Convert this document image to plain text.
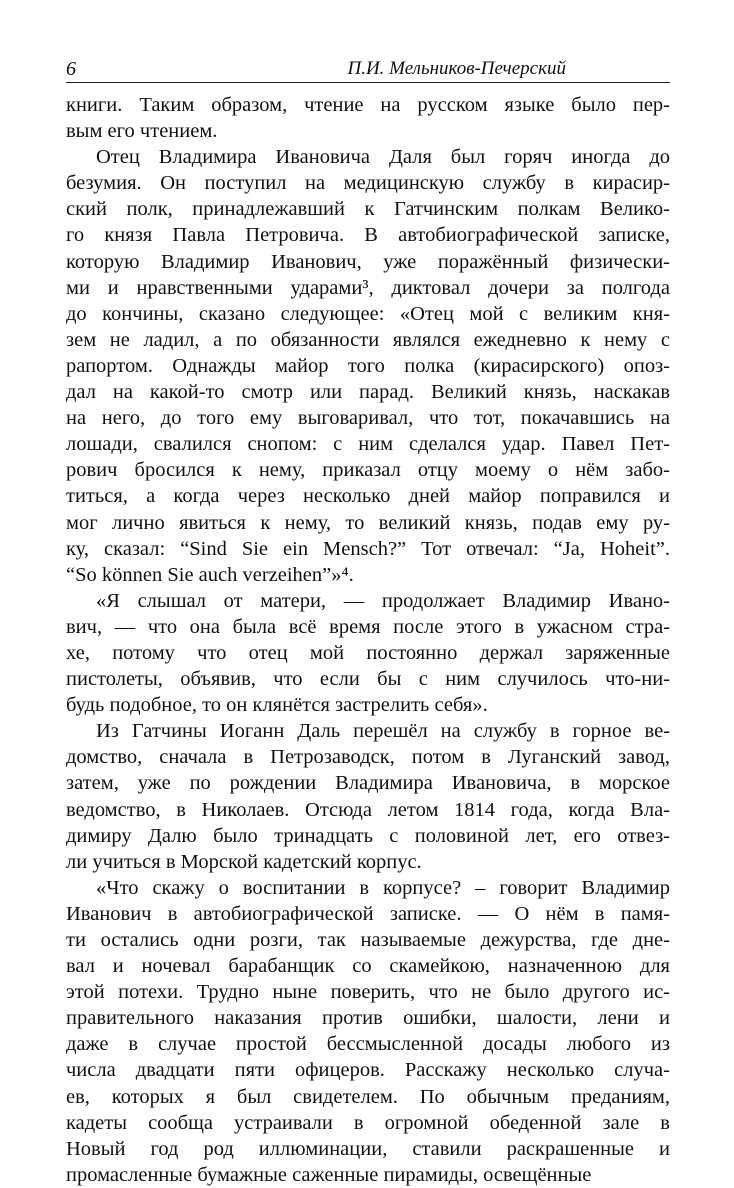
6	П.И. Мельников-Печерский
книги. Таким образом, чтение на русском языке было пер-
вым его чтением.
Отец Владимира Ивановича Даля был горяч иногда до
безумия. Он поступил на медицинскую службу в кирасир-
ский полк, принадлежавший к Гатчинским полкам Велико-
го князя Павла Петровича. В автобиографической записке,
которую Владимир Иванович, уже поражённый физически-
ми и нравственными ударами³, диктовал дочери за полгода
до кончины, сказано следующее: «Отец мой с великим кня-
зем не ладил, а по обязанности являлся ежедневно к нему с
рапортом. Однажды майор того полка (кирасирского) опоз-
дал на какой-то смотр или парад. Великий князь, наскакав
на него, до того ему выговаривал, что тот, покачавшись на
лошади, свалился снопом: с ним сделался удар. Павел Пет-
рович бросился к нему, приказал отцу моему о нём забо-
титься, а когда через несколько дней майор поправился и
мог лично явиться к нему, то великий князь, подав ему ру-
ку, сказал: “Sind Sie ein Mensch?” Тот отвечал: “Ja, Hoheit”.
“So können Sie auch verzeihen”»⁴.
«Я слышал от матери, — продолжает Владимир Ивано-
вич, — что она была всё время после этого в ужасном стра-
хе, потому что отец мой постоянно держал заряженные
пистолеты, объявив, что если бы с ним случилось что-ни-
будь подобное, то он клянётся застрелить себя».
Из Гатчины Иоганн Даль перешёл на службу в горное ве-
домство, сначала в Петрозаводск, потом в Луганский завод,
затем, уже по рождении Владимира Ивановича, в морское
ведомство, в Николаев. Отсюда летом 1814 года, когда Вла-
димиру Далю было тринадцать с половиной лет, его отвез-
ли учиться в Морской кадетский корпус.
«Что скажу о воспитании в корпусе? – говорит Владимир
Иванович в автобиографической записке. — О нём в памя-
ти остались одни розги, так называемые дежурства, где дне-
вал и ночевал барабанщик со скамейкою, назначенною для
этой потехи. Трудно ныне поверить, что не было другого ис-
правительного наказания против ошибки, шалости, лени и
даже в случае простой бессмысленной досады любого из
числа двадцати пяти офицеров. Расскажу несколько случа-
ев, которых я был свидетелем. По обычным преданиям,
кадеты сообща устраивали в огромной обеденной зале в
Новый год род иллюминации, ставили раскрашенные и
промасленные бумажные саженные пирамиды, освещённые
